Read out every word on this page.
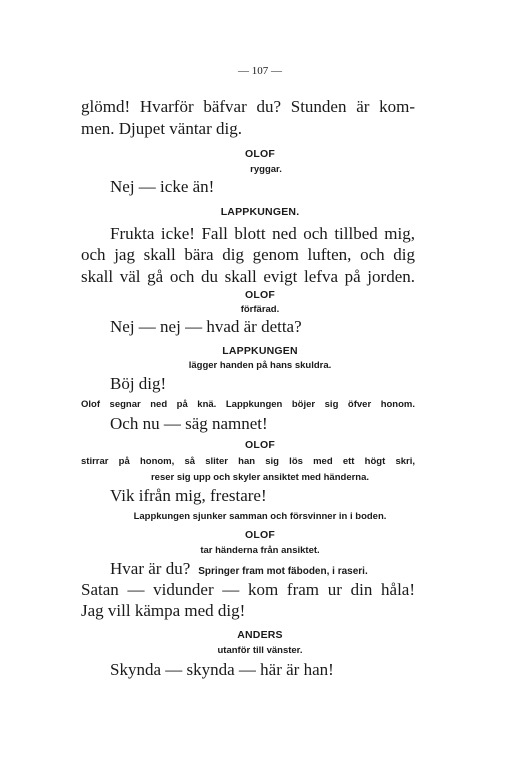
— 107 —
glömd! Hvarför bäfvar du? Stunden är kom-
men. Djupet väntar dig.
OLOF
ryggar.
Nej — icke än!
LAPPKUNGEN.
Frukta icke! Fall blott ned och tillbed mig,
och jag skall bära dig genom luften, och dig
skall väl gå och du skall evigt lefva på jorden.
OLOF
förfärad.
Nej — nej — hvad är detta?
LAPPKUNGEN
lägger handen på hans skuldra.
Böj dig!
Olof segnar ned på knä. Lappkungen böjer sig öfver honom.
Och nu — säg namnet!
OLOF
stirrar på honom, så sliter han sig lös med ett högt skri,
reser sig upp och skyler ansiktet med händerna.
Vik ifrån mig, frestare!
Lappkungen sjunker samman och försvinner in i boden.
OLOF
tar händerna från ansiktet.
Hvar är du? Springer fram mot fäboden, i raseri.
Satan — vidunder — kom fram ur din håla!
Jag vill kämpa med dig!
ANDERS
utanför till vänster.
Skynda — skynda — här är han!
